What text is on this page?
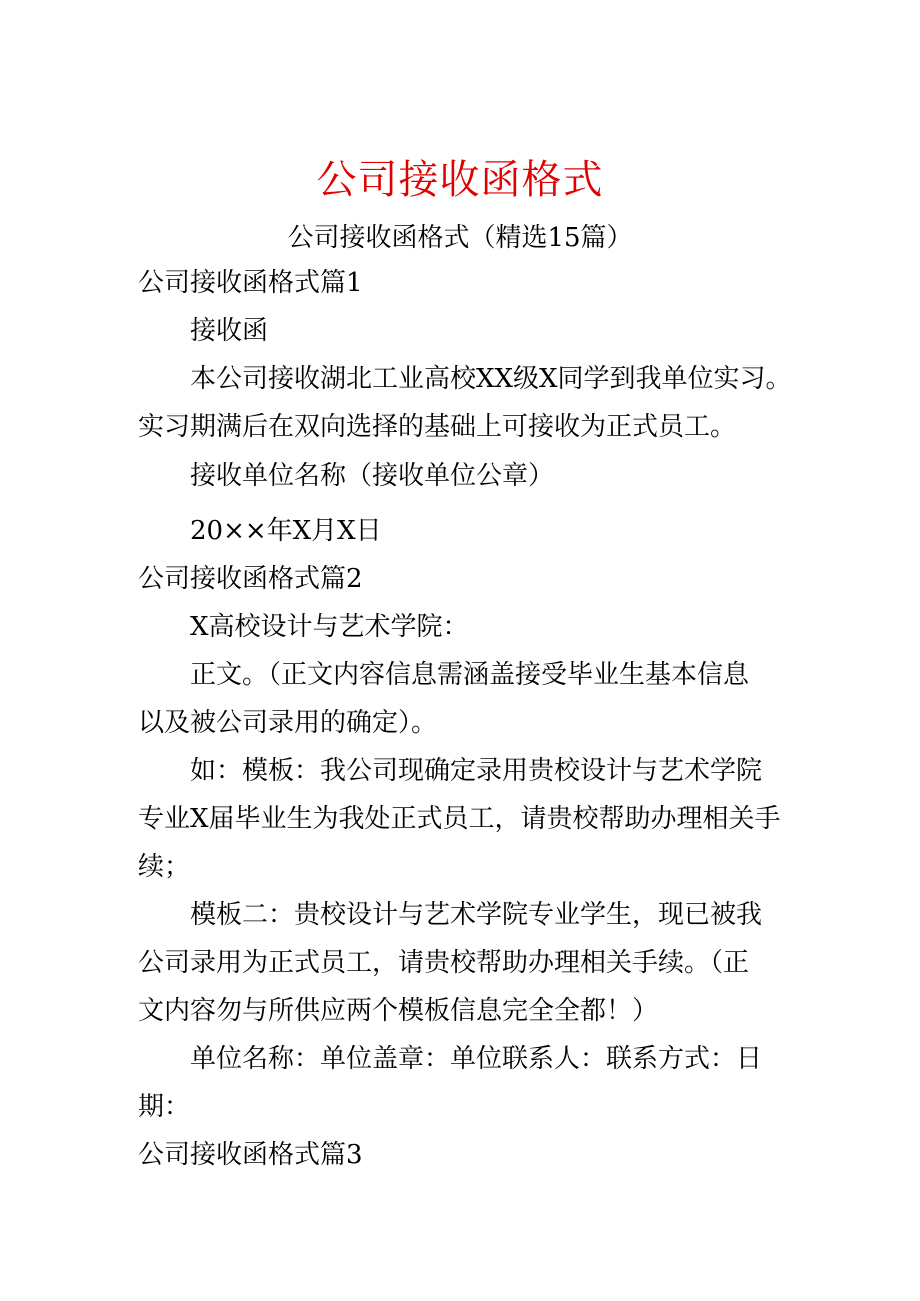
公司接收函格式
公司接收函格式（精选15篇）
公司接收函格式篇1
接收函
本公司接收湖北工业高校XX级X同学到我单位实习。
实习期满后在双向选择的基础上可接收为正式员工。
接收单位名称（接收单位公章）
20××年X月X日
公司接收函格式篇2
X高校设计与艺术学院：
正文。（正文内容信息需涵盖接受毕业生基本信息
以及被公司录用的确定）。
如：模板：我公司现确定录用贵校设计与艺术学院
专业X届毕业生为我处正式员工，请贵校帮助办理相关手
续；
模板二：贵校设计与艺术学院专业学生，现已被我
公司录用为正式员工，请贵校帮助办理相关手续。（正
文内容勿与所供应两个模板信息完全全都！）
单位名称：单位盖章：单位联系人：联系方式：日
期：
公司接收函格式篇3
